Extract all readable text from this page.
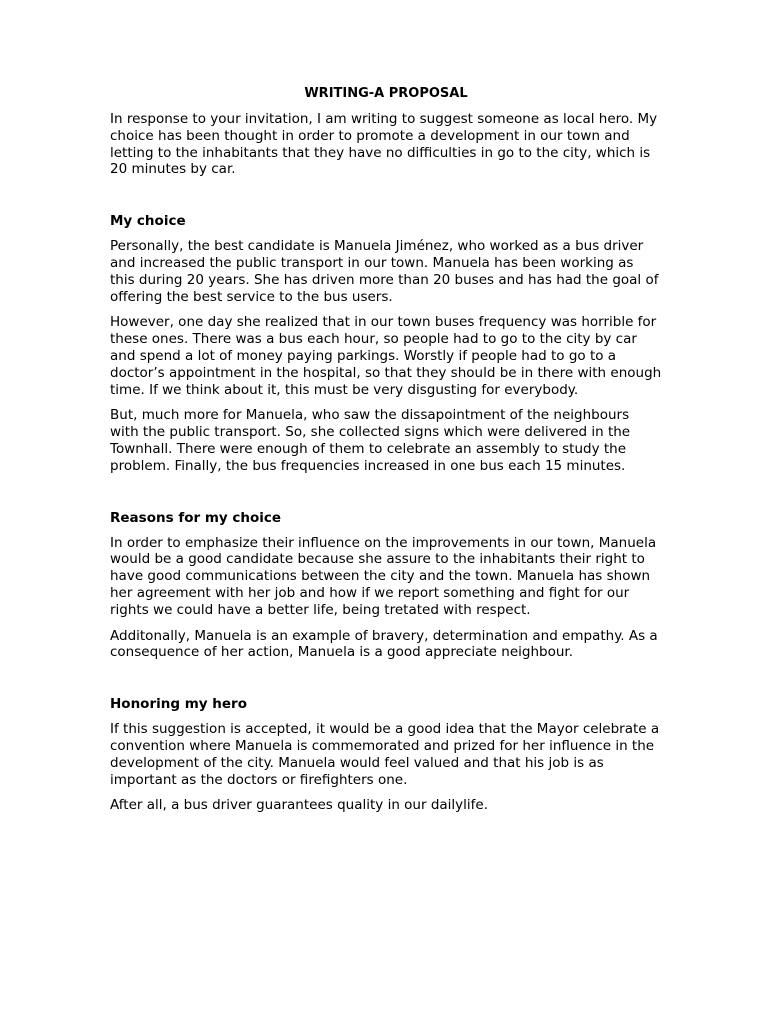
WRITING-A PROPOSAL

In response to your invitation, I am writing to suggest someone as local hero. My choice has been thought in order to promote a development in our town and letting to the inhabitants that they have no difficulties in go to the city, which is 20 minutes by car.

My choice

Personally, the best candidate is Manuela Jiménez, who worked as a bus driver and increased the public transport in our town. Manuela has been working as this during 20 years. She has driven more than 20 buses and has had the goal of offering the best service to the bus users.

However, one day she realized that in our town buses frequency was horrible for these ones. There was a bus each hour, so people had to go to the city by car and spend a lot of money paying parkings. Worstly if people had to go to a doctor’s appointment in the hospital, so that they should be in there with enough time. If we think about it, this must be very disgusting for everybody.

But, much more for Manuela, who saw the dissapointment of the neighbours with the public transport. So, she collected signs which were delivered in the Townhall. There were enough of them to celebrate an assembly to study the problem. Finally, the bus frequencies increased in one bus each 15 minutes.

Reasons for my choice

In order to emphasize their influence on the improvements in our town, Manuela would be a good candidate because she assure to the inhabitants their right to have good communications between the city and the town. Manuela has shown her agreement with her job and how if we report something and fight for our rights we could have a better life, being tretated with respect.

Additonally, Manuela is an example of bravery, determination and empathy. As a consequence of her action, Manuela is a good appreciate neighbour.

Honoring my hero

If this suggestion is accepted, it would be a good idea that the Mayor celebrate a convention where Manuela is commemorated and prized for her influence in the development of the city. Manuela would feel valued and that his job is as important as the doctors or firefighters one.

After all, a bus driver guarantees quality in our dailylife.
